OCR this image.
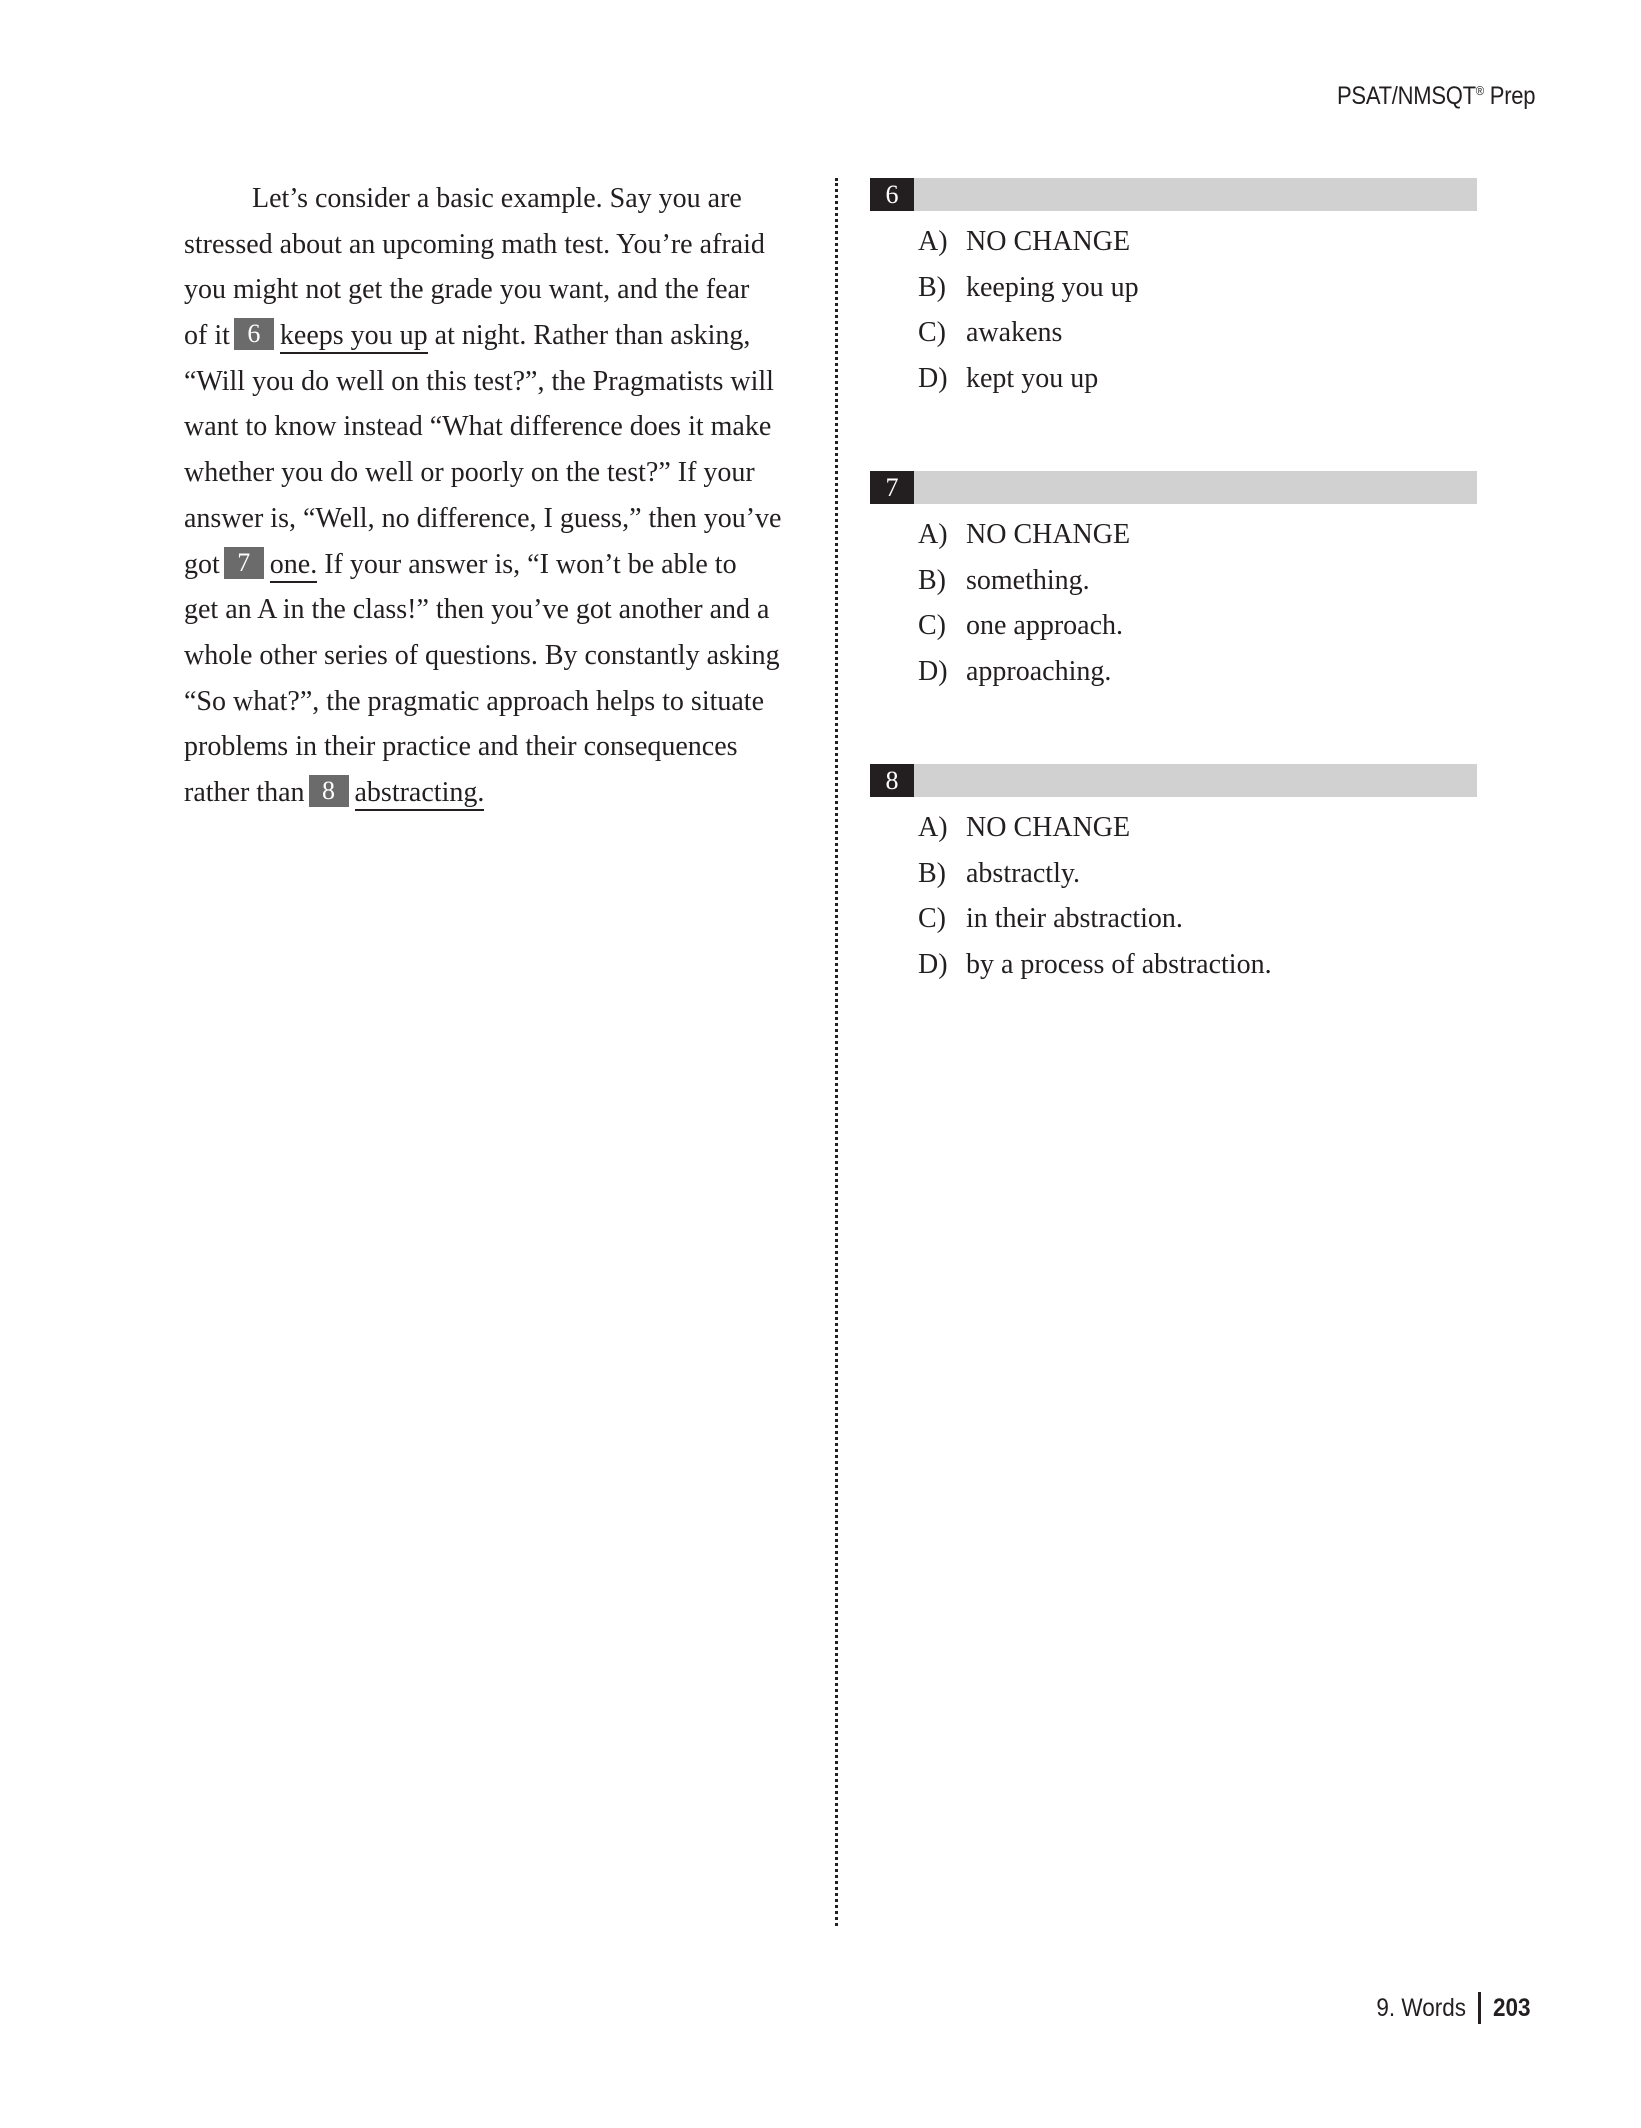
PSAT/NMSQT® Prep
Let’s consider a basic example. Say you are
stressed about an upcoming math test. You’re afraid
you might not get the grade you want, and the fear
of it 6 keeps you up at night. Rather than asking,
“Will you do well on this test?”, the Pragmatists will
want to know instead “What difference does it make
whether you do well or poorly on the test?” If your
answer is, “Well, no difference, I guess,” then you’ve
got 7 one. If your answer is, “I won’t be able to
get an A in the class!” then you’ve got another and a
whole other series of questions. By constantly asking
“So what?”, the pragmatic approach helps to situate
problems in their practice and their consequences
rather than 8 abstracting.
6
A) NO CHANGE
B) keeping you up
C) awakens
D) kept you up
7
A) NO CHANGE
B) something.
C) one approach.
D) approaching.
8
A) NO CHANGE
B) abstractly.
C) in their abstraction.
D) by a process of abstraction.
9. Words	203
